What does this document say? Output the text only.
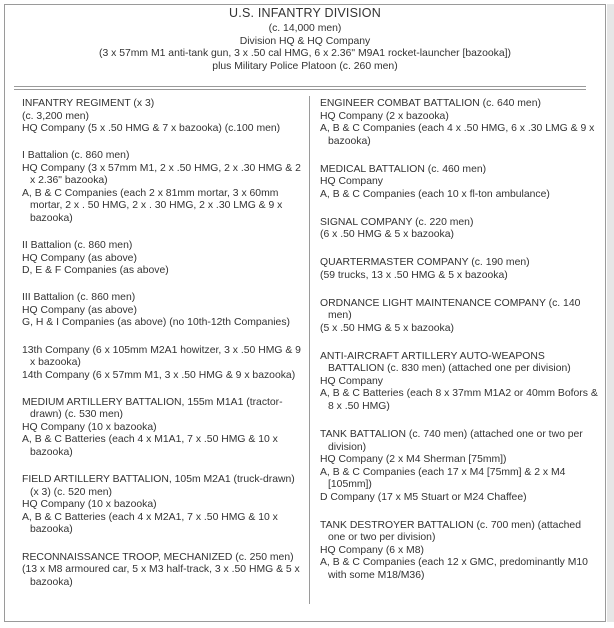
U.S. INFANTRY DIVISION

(c. 14,000 men)

Division HQ & HQ Company

(3 x 57mm M1 anti-tank gun, 3 x .50 cal HMG, 6 x 2.36" M9A1 rocket-launcher [bazooka])

plus Military Police Platoon (c. 260 men)

INFANTRY REGIMENT (x 3)

(c. 3,200 men)

HQ Company (5 x .50 HMG & 7 x bazooka) (c.100 men)

I Battalion (c. 860 men)

HQ Company (3 x 57mm M1, 2 x .50 HMG, 2 x .30 HMG & 2 x 2.36" bazooka)

A, B & C Companies (each 2 x 81mm mortar, 3 x 60mm mortar, 2 x . 50 HMG, 2 x . 30 HMG, 2 x .30 LMG & 9 x bazooka)

II Battalion (c. 860 men)

HQ Company (as above)

D, E & F Companies (as above)

III Battalion (c. 860 men)

HQ Company (as above)

G, H & I Companies (as above) (no 10th-12th Companies)

13th Company (6 x 105mm M2A1 howitzer, 3 x .50 HMG & 9 x bazooka)

14th Company (6 x 57mm M1, 3 x .50 HMG & 9 x bazooka)

MEDIUM ARTILLERY BATTALION, 155m M1A1 (tractor-drawn) (c. 530 men)

HQ Company (10 x bazooka)

A, B & C Batteries (each 4 x M1A1, 7 x .50 HMG & 10 x bazooka)

FIELD ARTILLERY BATTALION, 105m M2A1 (truck-drawn) (x 3) (c. 520 men)

HQ Company (10 x bazooka)

A, B & C Batteries (each 4 x M2A1, 7 x .50 HMG & 10 x bazooka)

RECONNAISSANCE TROOP, MECHANIZED (c. 250 men)

(13 x M8 armoured car, 5 x M3 half-track, 3 x .50 HMG & 5 x bazooka)

ENGINEER COMBAT BATTALION (c. 640 men)

HQ Company (2 x bazooka)

A, B & C Companies (each 4 x .50 HMG, 6 x .30 LMG & 9 x bazooka)

MEDICAL BATTALION (c. 460 men)

HQ Company

A, B & C Companies (each 10 x fl-ton ambulance)

SIGNAL COMPANY (c. 220 men)

(6 x .50 HMG & 5 x bazooka)

QUARTERMASTER COMPANY (c. 190 men)

(59 trucks, 13 x .50 HMG & 5 x bazooka)

ORDNANCE LIGHT MAINTENANCE COMPANY (c. 140 men)

(5 x .50 HMG & 5 x bazooka)

ANTI-AIRCRAFT ARTILLERY AUTO-WEAPONS BATTALION (c. 830 men) (attached one per division)

HQ Company

A, B & C Batteries (each 8 x 37mm M1A2 or 40mm Bofors & 8 x .50 HMG)

TANK BATTALION (c. 740 men) (attached one or two per division)

HQ Company (2 x M4 Sherman [75mm])

A, B & C Companies (each 17 x M4 [75mm] & 2 x M4 [105mm])

D Company (17 x M5 Stuart or M24 Chaffee)

TANK DESTROYER BATTALION (c. 700 men) (attached one or two per division)

HQ Company (6 x M8)

A, B & C Companies (each 12 x GMC, predominantly M10 with some M18/M36)
